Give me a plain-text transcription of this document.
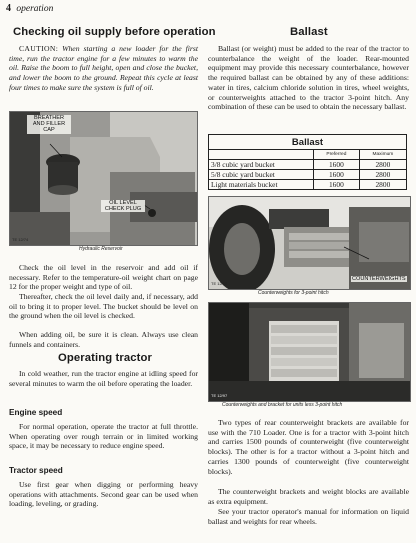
4 operation
Checking oil supply before operation

CAUTION: When starting a new loader for the first time, run the tractor engine for a few minutes to warm the oil. Raise the boom to full height, open and close the bucket, and lower the boom to the ground. Repeat this cycle at least four times to make sure the system is full of oil.

BREATHER AND FILLER CAP
OIL LEVEL CHECK PLUG
TE 12/74
Hydraulic Reservoir

Check the oil level in the reservoir and add oil if necessary. Refer to the temperature-oil weight chart on page 12 for the proper weight and type of oil.

Thereafter, check the oil level daily and, if necessary, add oil to bring it to proper level. The bucket should be level on the ground when the oil level is checked.

When adding oil, be sure it is clean. Always use clean funnels and containers.

Operating tractor

In cold weather, run the tractor engine at idling speed for several minutes to warm the oil before operating the loader.

Engine speed

For normal operation, operate the tractor at full throttle. When operating over rough terrain or in limited working space, it may be necessary to reduce engine speed.

Tractor speed

Use first gear when digging or performing heavy operations with attachments. Second gear can be used when loading, leveling, or grading.

Ballast

Ballast (or weight) must be added to the rear of the tractor to counterbalance the weight of the loader. Rear-mounted equipment may provide this necessary counterbalance, however the required ballast can be obtained by any of these additions: water in tires, calcium chloride solution in tires, wheel weights, or counterweights attached to the tractor 3-point hitch. Any combination of these can be used to obtain the necessary ballast.

Ballast		
	Preferred	Maximum
3/8 cubic yard bucket	1600	2800
5/8 cubic yard bucket	1600	2800
Light materials bucket	1600	2800
COUNTERWEIGHTS
TE 12/96
Counterweights for 3-point hitch
TE 12/97
Counterweights and bracket for units less 3-point hitch

Two types of rear counterweight brackets are available for use with the 710 Loader. One is for a tractor with 3-point hitch and carries 1500 pounds of counterweight (five counterweight blocks). The other is for a tractor without a 3-point hitch and carries 1300 pounds of counterweight (five counterweight blocks).

The counterweight brackets and weight blocks are available as extra equipment.

See your tractor operator's manual for information on liquid ballast and weights for rear wheels.
